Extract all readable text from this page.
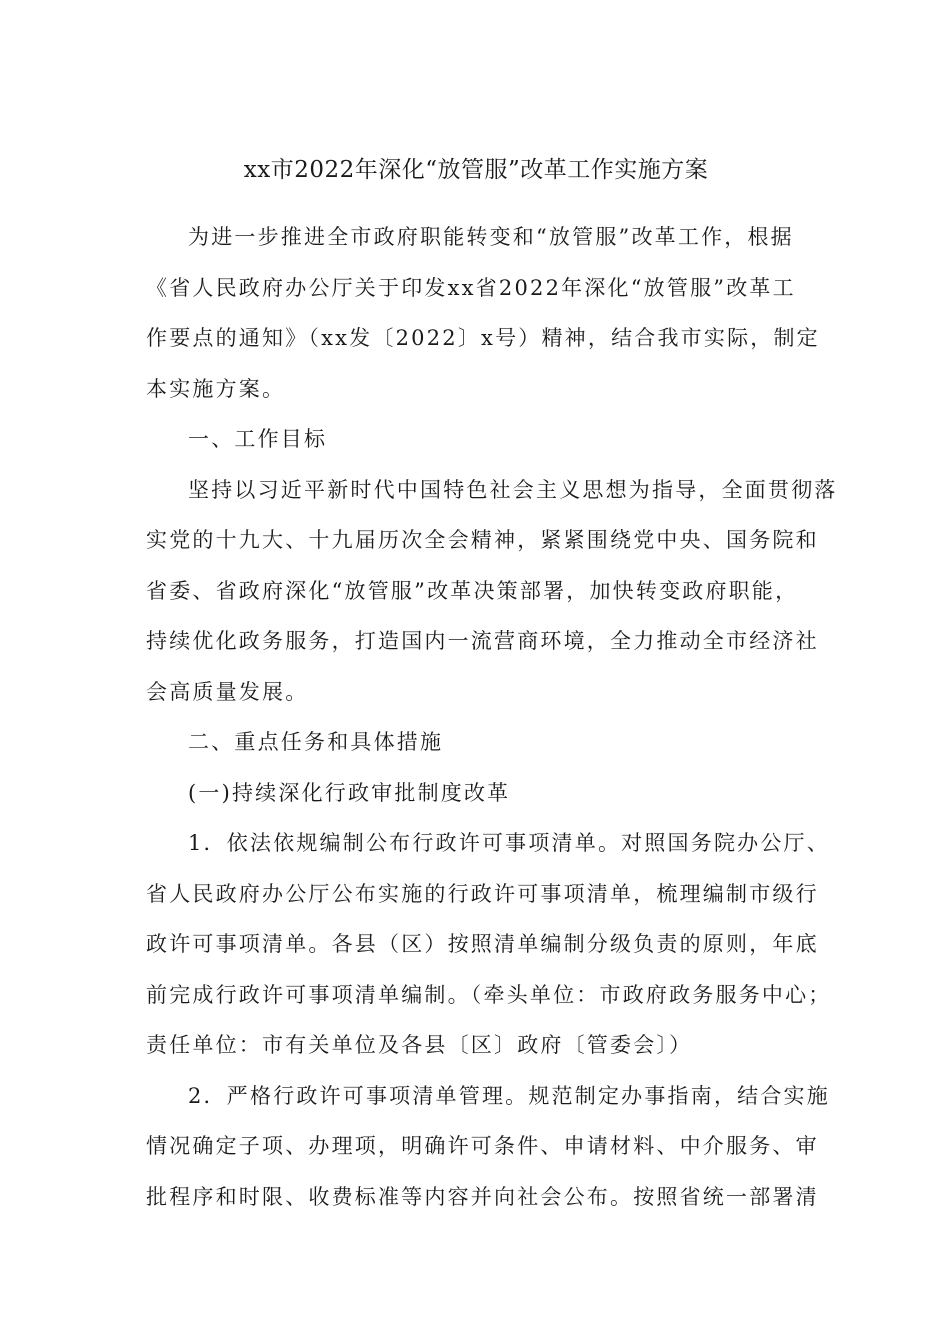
xx市2022年深化“放管服”改革工作实施方案
为进一步推进全市政府职能转变和“放管服”改革工作，根据
《省人民政府办公厅关于印发xx省2022年深化“放管服”改革工
作要点的通知》（xx发〔2022〕x号）精神，结合我市实际，制定
本实施方案。
一、工作目标
坚持以习近平新时代中国特色社会主义思想为指导，全面贯彻落
实党的十九大、十九届历次全会精神，紧紧围绕党中央、国务院和
省委、省政府深化“放管服”改革决策部署，加快转变政府职能，
持续优化政务服务，打造国内一流营商环境，全力推动全市经济社
会高质量发展。
二、重点任务和具体措施
(一)持续深化行政审批制度改革
1．依法依规编制公布行政许可事项清单。对照国务院办公厅、
省人民政府办公厅公布实施的行政许可事项清单，梳理编制市级行
政许可事项清单。各县（区）按照清单编制分级负责的原则，年底
前完成行政许可事项清单编制。（牵头单位：市政府政务服务中心；
责任单位：市有关单位及各县〔区〕政府〔管委会〕）
2．严格行政许可事项清单管理。规范制定办事指南，结合实施
情况确定子项、办理项，明确许可条件、申请材料、中介服务、审
批程序和时限、收费标准等内容并向社会公布。按照省统一部署清
